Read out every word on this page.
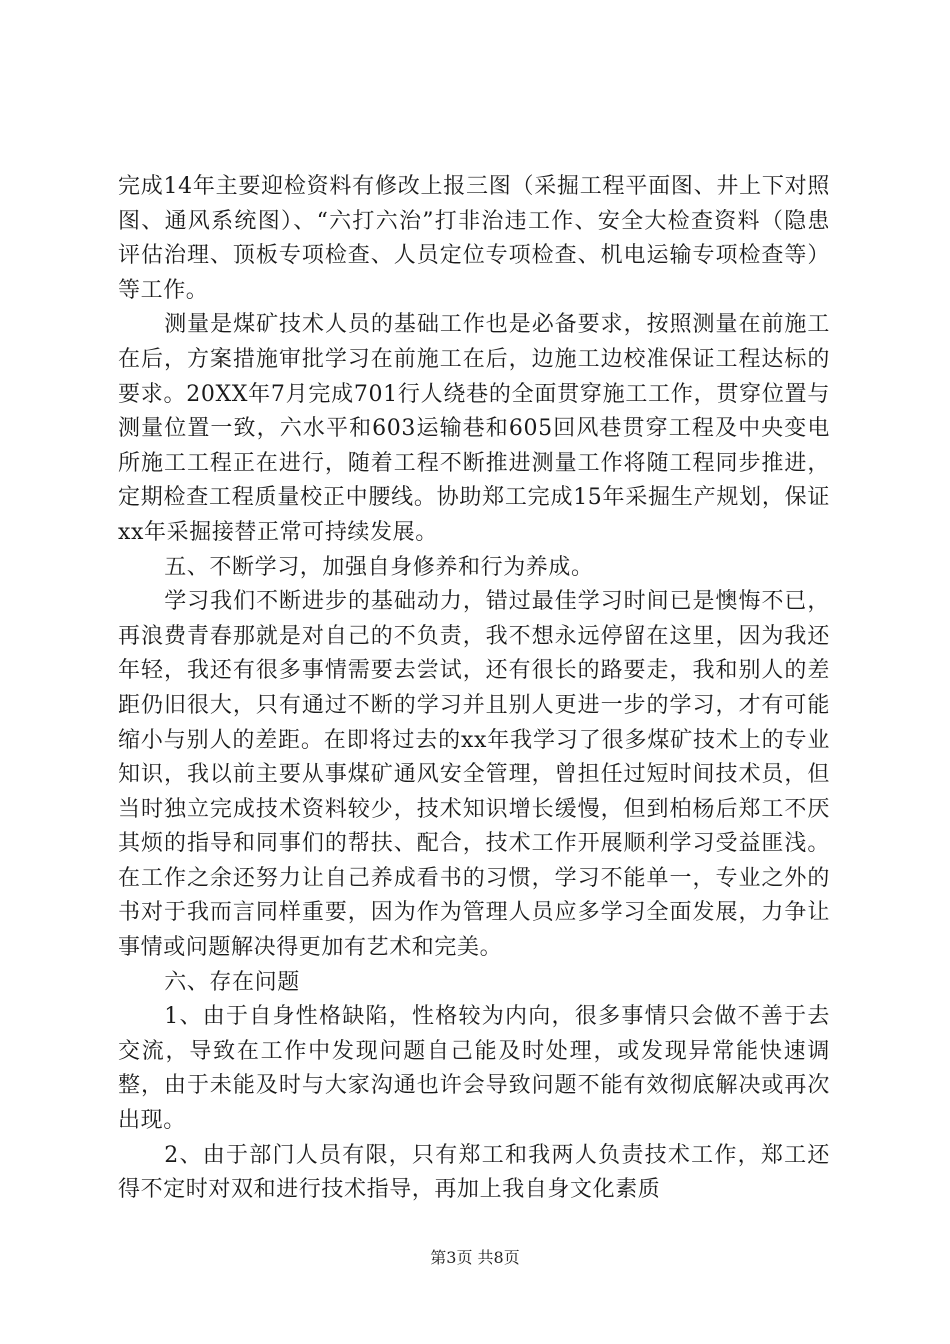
完成14年主要迎检资料有修改上报三图（采掘工程平面图、井上下对照图、通风系统图）、“六打六治”打非治违工作、安全大检查资料（隐患评估治理、顶板专项检查、人员定位专项检查、机电运输专项检查等）等工作。

测量是煤矿技术人员的基础工作也是必备要求，按照测量在前施工在后，方案措施审批学习在前施工在后，边施工边校准保证工程达标的要求。20XX年7月完成701行人绕巷的全面贯穿施工工作，贯穿位置与测量位置一致，六水平和603运输巷和605回风巷贯穿工程及中央变电所施工工程正在进行，随着工程不断推进测量工作将随工程同步推进，定期检查工程质量校正中腰线。协助郑工完成15年采掘生产规划，保证xx年采掘接替正常可持续发展。

五、不断学习，加强自身修养和行为养成。

学习我们不断进步的基础动力，错过最佳学习时间已是懊悔不已，再浪费青春那就是对自己的不负责，我不想永远停留在这里，因为我还年轻，我还有很多事情需要去尝试，还有很长的路要走，我和别人的差距仍旧很大，只有通过不断的学习并且别人更进一步的学习，才有可能缩小与别人的差距。在即将过去的xx年我学习了很多煤矿技术上的专业知识，我以前主要从事煤矿通风安全管理，曾担任过短时间技术员，但当时独立完成技术资料较少，技术知识增长缓慢，但到柏杨后郑工不厌其烦的指导和同事们的帮扶、配合，技术工作开展顺利学习受益匪浅。在工作之余还努力让自己养成看书的习惯，学习不能单一，专业之外的书对于我而言同样重要，因为作为管理人员应多学习全面发展，力争让事情或问题解决得更加有艺术和完美。

六、存在问题

1、由于自身性格缺陷，性格较为内向，很多事情只会做不善于去交流，导致在工作中发现问题自己能及时处理，或发现异常能快速调整，由于未能及时与大家沟通也许会导致问题不能有效彻底解决或再次出现。

2、由于部门人员有限，只有郑工和我两人负责技术工作，郑工还得不定时对双和进行技术指导，再加上我自身文化素质

第3页 共8页
